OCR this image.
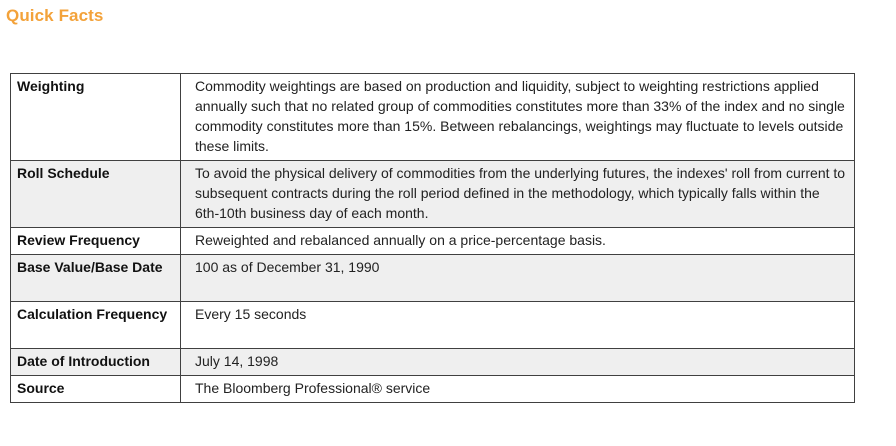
Quick Facts
Weighting	Commodity weightings are based on production and liquidity, subject to weighting restrictions applied annually such that no related group of commodities constitutes more than 33% of the index and no single commodity constitutes more than 15%. Between rebalancings, weightings may fluctuate to levels outside these limits.
Roll Schedule	To avoid the physical delivery of commodities from the underlying futures, the indexes' roll from current to subsequent contracts during the roll period defined in the methodology, which typically falls within the 6th-10th business day of each month.
Review Frequency	Reweighted and rebalanced annually on a price-percentage basis.
Base Value/Base Date	100 as of December 31, 1990
Calculation Frequency	Every 15 seconds
Date of Introduction	July 14, 1998
Source	The Bloomberg Professional® service
